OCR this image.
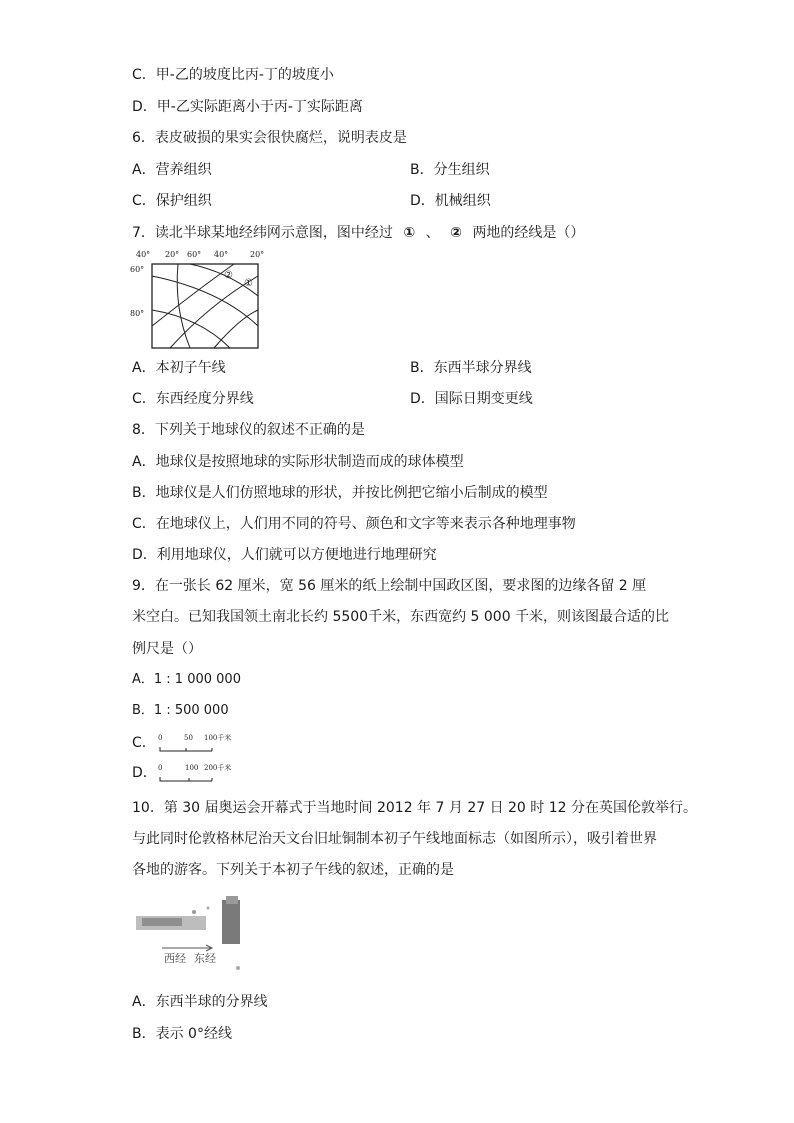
C．甲-乙的坡度比丙-丁的坡度小
D．甲-乙实际距离小于丙-丁实际距离
6．表皮破损的果实会很快腐烂，说明表皮是
A．营养组织	B．分生组织
C．保护组织	D．机械组织
7．读北半球某地经纬网示意图，图中经过 ① 、 ② 两地的经线是（）
40° 20° 60° 40°	20°
60°
80°
②
①
A．本初子午线	B．东西半球分界线
C．东西经度分界线	D．国际日期变更线
8．下列关于地球仪的叙述不正确的是
A．地球仪是按照地球的实际形状制造而成的球体模型
B．地球仪是人们仿照地球的形状，并按比例把它缩小后制成的模型
C．在地球仪上，人们用不同的符号、颜色和文字等来表示各种地理事物
D．利用地球仪，人们就可以方便地进行地理研究
9．在一张长 62 厘米，宽 56 厘米的纸上绘制中国政区图，要求图的边缘各留 2 厘
米空白。已知我国领土南北长约 5500千米，东西宽约 5 000 千米，则该图最合适的比
例尺是（）
A．1 : 1 000 000
B．1 : 500 000
C．
D．
0	50 100千米
0	100 200千米
10．第 30 届奥运会开幕式于当地时间 2012 年 7 月 27 日 20 时 12 分在英国伦敦举行。
与此同时伦敦格林尼治天文台旧址铜制本初子午线地面标志（如图所示），吸引着世界
各地的游客。下列关于本初子午线的叙述，正确的是
西经 东经
A．东西半球的分界线
B．表示 0°经线
